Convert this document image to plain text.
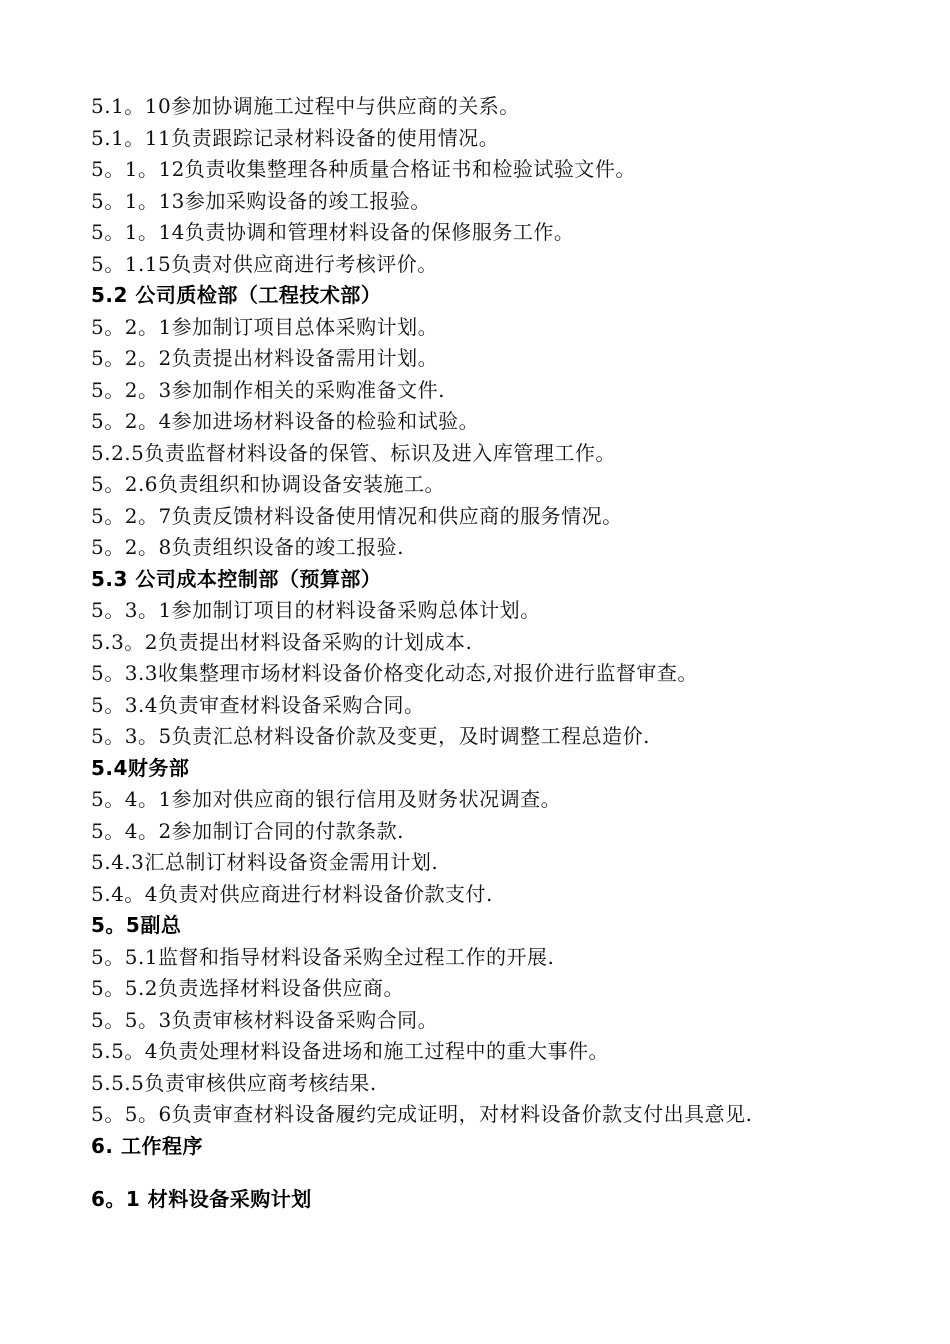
5.1。10参加协调施工过程中与供应商的关系。
5.1。11负责跟踪记录材料设备的使用情况。
5。1。12负责收集整理各种质量合格证书和检验试验文件。
5。1。13参加采购设备的竣工报验。
5。1。14负责协调和管理材料设备的保修服务工作。
5。1.15负责对供应商进行考核评价。
5.2 公司质检部（工程技术部）
5。2。1参加制订项目总体采购计划。
5。2。2负责提出材料设备需用计划。
5。2。3参加制作相关的采购准备文件.
5。2。4参加进场材料设备的检验和试验。
5.2.5负责监督材料设备的保管、标识及进入库管理工作。
5。2.6负责组织和协调设备安装施工。
5。2。7负责反馈材料设备使用情况和供应商的服务情况。
5。2。8负责组织设备的竣工报验.
5.3 公司成本控制部（预算部）
5。3。1参加制订项目的材料设备采购总体计划。
5.3。2负责提出材料设备采购的计划成本.
5。3.3收集整理市场材料设备价格变化动态,对报价进行监督审查。
5。3.4负责审查材料设备采购合同。
5。3。5负责汇总材料设备价款及变更，及时调整工程总造价.
5.4财务部
5。4。1参加对供应商的银行信用及财务状况调查。
5。4。2参加制订合同的付款条款.
5.4.3汇总制订材料设备资金需用计划.
5.4。4负责对供应商进行材料设备价款支付.
5。5副总
5。5.1监督和指导材料设备采购全过程工作的开展.
5。5.2负责选择材料设备供应商。
5。5。3负责审核材料设备采购合同。
5.5。4负责处理材料设备进场和施工过程中的重大事件。
5.5.5负责审核供应商考核结果.
5。5。6负责审查材料设备履约完成证明，对材料设备价款支付出具意见.
6. 工作程序
6。1 材料设备采购计划
